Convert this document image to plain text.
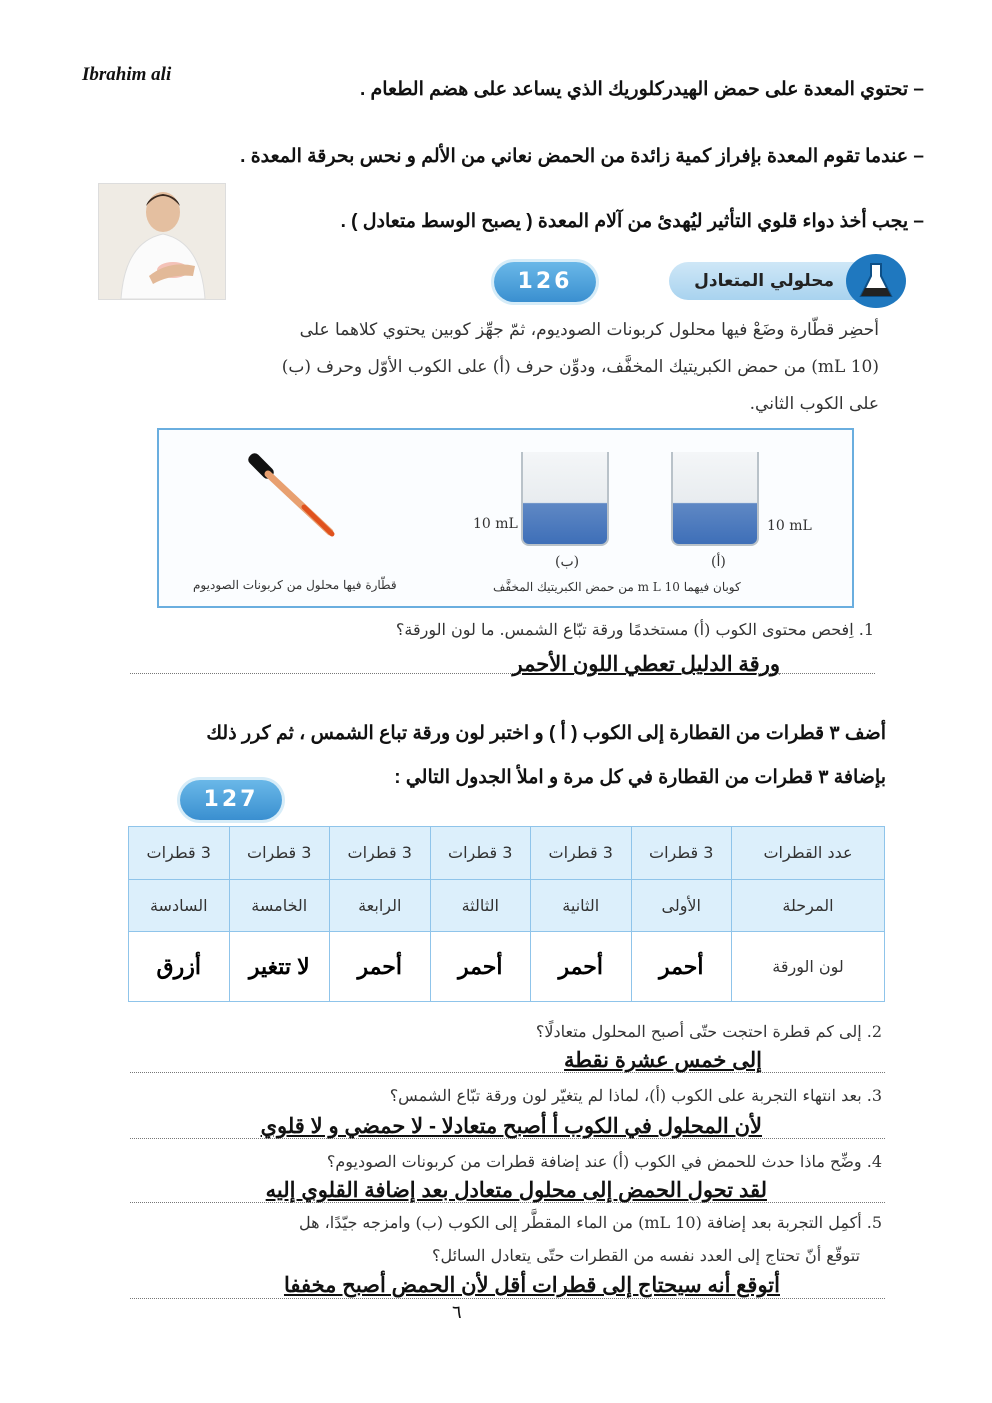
Ibrahim ali
– تحتوي المعدة على حمض الهيدركلوريك الذي يساعد على هضم الطعام .
– عندما تقوم المعدة بإفراز كمية زائدة من الحمض نعاني من الألم و نحس بحرقة المعدة .
– يجب أخذ دواء قلوي التأثير ليُهدئ من آلام المعدة ( يصبح الوسط متعادل ) .
126	محلولي المتعادل
أحضِر قطّارة وضَعْ فيها محلول كربونات الصوديوم، ثمّ جهِّز كوبين يحتوي كلاهما على
(10 mL) من حمض الكبريتيك المخفَّف، ودوِّن حرف (أ) على الكوب الأوّل وحرف (ب)
على الكوب الثاني.
10 mL	10 mL
(ب)	(أ)
قطّارة فيها محلول من كربونات الصوديوم	كوبان فيهما 10 m L من حمض الكبريتيك المخفَّف
1. اِفحص محتوى الكوب (أ) مستخدمًا ورقة تبّاع الشمس. ما لون الورقة؟
ورقة الدليل تعطي اللون الأحمر
أضف ٣ قطرات من القطارة إلى الكوب ( أ ) و اختبر لون ورقة تباع الشمس ، ثم كرر ذلك
بإضافة ٣ قطرات من القطارة في كل مرة و املأ الجدول التالي :
127
عدد القطرات	3 قطرات	3 قطرات	3 قطرات	3 قطرات	3 قطرات	3 قطرات
المرحلة	الأولى	الثانية	الثالثة	الرابعة	الخامسة	السادسة
لون الورقة	أحمر	أحمر	أحمر	أحمر	لا تتغير	أزرق
2. إلى كم قطرة احتجت حتّى أصبح المحلول متعادلًا؟
إلى خمس عشرة نقطة
3. بعد انتهاء التجربة على الكوب (أ)، لماذا لم يتغيّر لون ورقة تبّاع الشمس؟
لأن المحلول في الكوب أ أصبح متعادلا - لا حمضي و لا قلوي
4. وضِّح ماذا حدث للحمض في الكوب (أ) عند إضافة قطرات من كربونات الصوديوم؟
لقد تحول الحمض إلى محلول متعادل بعد إضافة القلوي إليه
5. أكمِل التجربة بعد إضافة (10 mL) من الماء المقطَّر إلى الكوب (ب) وامزجه جيّدًا، هل
تتوقّع أنّ تحتاج إلى العدد نفسه من القطرات حتّى يتعادل السائل؟
أتوقع أنه سيحتاج إلى قطرات أقل لأن الحمض أصبح مخففا
٦
